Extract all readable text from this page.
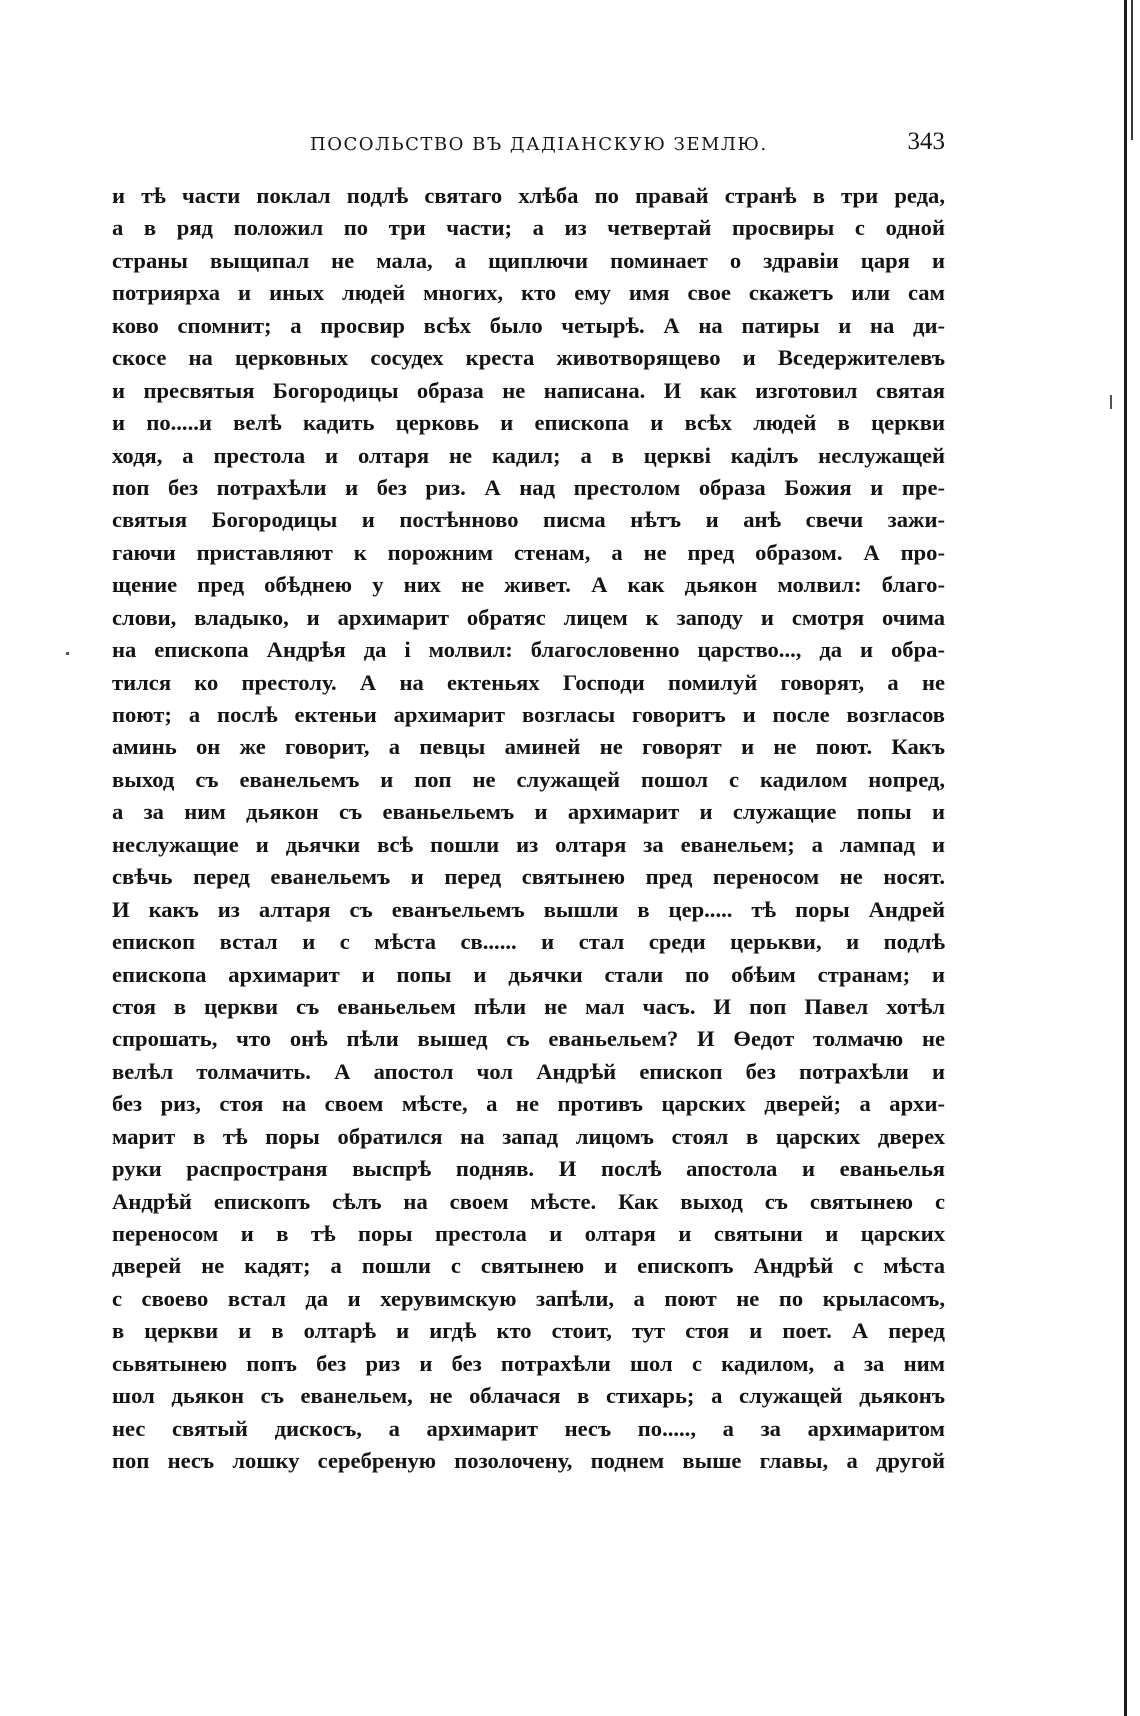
ПОСОЛЬСТВО ВЪ ДАДIАНСКУЮ ЗЕМЛЮ.	343
и тѣ части поклал подлѣ святаго хлѣба по правай странѣ в три реда,
а в ряд положил по три части; а из четвертай просвиры с одной
страны выщипал не мала, а щиплючи поминает о здравiи царя и
потриярха и иных людей многих, кто ему имя свое скажетъ или сам
ково спомнит; а просвир всѣх было четырѣ. А на патиры и на ди-
скосе на церковных сосудех креста животворящево и Вседержителевъ
и пресвятыя Богородицы образа не написана. И как изготовил святая
и по.....и велѣ кадить церковь и епископа и всѣх людей в церкви
ходя, а престола и олтаря не кадил; а в церкві каділъ неслужащей
поп без потрахѣли и без риз. А над престолом образа Божия и пре-
святыя Богородицы и постѣнново писма нѣтъ и анѣ свечи зажи-
гаючи приставляют к порожним стенам, а не пред образом. А про-
щение пред обѣднею у них не живет. А как дьякон молвил: благо-
слови, владыко, и архимарит обратяс лицем к заподу и смотря очима
на епископа Андрѣя да і молвил: благословенно царство..., да и обра-
тился ко престолу. А на ектеньях Господи помилуй говорят, а не
поют; а послѣ ектеньи архимарит возгласы говоритъ и после возгласов
аминь он же говорит, а певцы аминей не говорят и не поют. Какъ
выход съ еванельемъ и поп не служащей пошол с кадилом нопред,
а за ним дьякон съ еваньельемъ и архимарит и служащие попы и
неслужащие и дьячки всѣ пошли из олтаря за еванельем; а лампад и
свѣчь перед еванельемъ и перед святынею пред переносом не носят.
И какъ из алтаря съ еванъельемъ вышли в цер..... тѣ поры Андрей
епископ встал и с мѣста св...... и стал среди церькви, и подлѣ
епископа архимарит и попы и дьячки стали по обѣим странам; и
стоя в церкви съ еваньельем пѣли не мал часъ. И поп Павел хотѣл
спрошать, что онѣ пѣли вышед съ еваньельем? И Өедот толмачю не
велѣл толмачить. А апостол чол Андрѣй епископ без потрахѣли и
без риз, стоя на своем мѣсте, а не противъ царских дверей; а архи-
марит в тѣ поры обратился на запад лицомъ стоял в царских дверех
руки распространя выспрѣ подняв. И послѣ апостола и еваньелья
Андрѣй епископъ сѣлъ на своем мѣсте. Как выход съ святынею с
переносом и в тѣ поры престола и олтаря и святыни и царских
дверей не кадят; а пошли с святынею и епископъ Андрѣй с мѣста
с своево встал да и херувимскую запѣли, а поют не по крыласомъ,
в церкви и в олтарѣ и игдѣ кто стоит, тут стоя и поет. А перед
сьвятынею попъ без риз и без потрахѣли шол с кадилом, а за ним
шол дьякон съ еванельем, не облачася в стихарь; а служащей дьяконъ
нес святый дискосъ, а архимарит несъ по....., а за архимаритом
поп несъ лошку серебреную позолочену, поднем выше главы, а другой
